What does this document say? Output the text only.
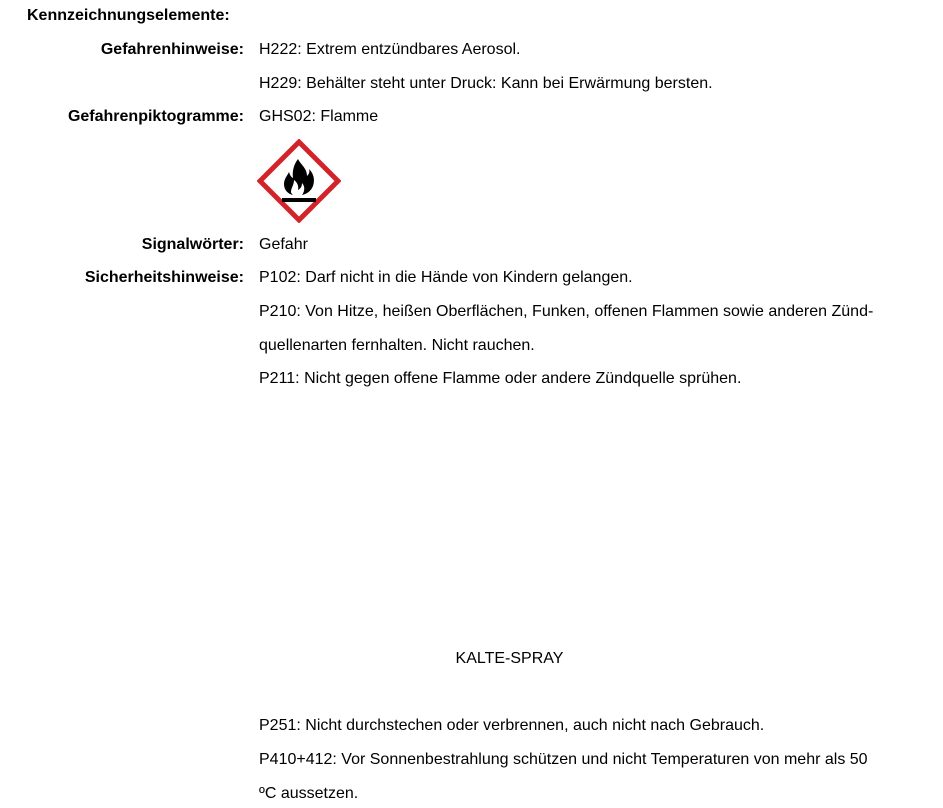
Kennzeichnungselemente:
Gefahrenhinweise: H222: Extrem entzündbares Aerosol.
H229: Behälter steht unter Druck: Kann bei Erwärmung bersten.
Gefahrenpiktogramme: GHS02: Flamme
Signalwörter: Gefahr
Sicherheitshinweise: P102: Darf nicht in die Hände von Kindern gelangen.
P210: Von Hitze, heißen Oberflächen, Funken, offenen Flammen sowie anderen Zünd-
quellenarten fernhalten. Nicht rauchen.
P211: Nicht gegen offene Flamme oder andere Zündquelle sprühen.
KALTE-SPRAY
P251: Nicht durchstechen oder verbrennen, auch nicht nach Gebrauch.
P410+412: Vor Sonnenbestrahlung schützen und nicht Temperaturen von mehr als 50
ºC aussetzen.
